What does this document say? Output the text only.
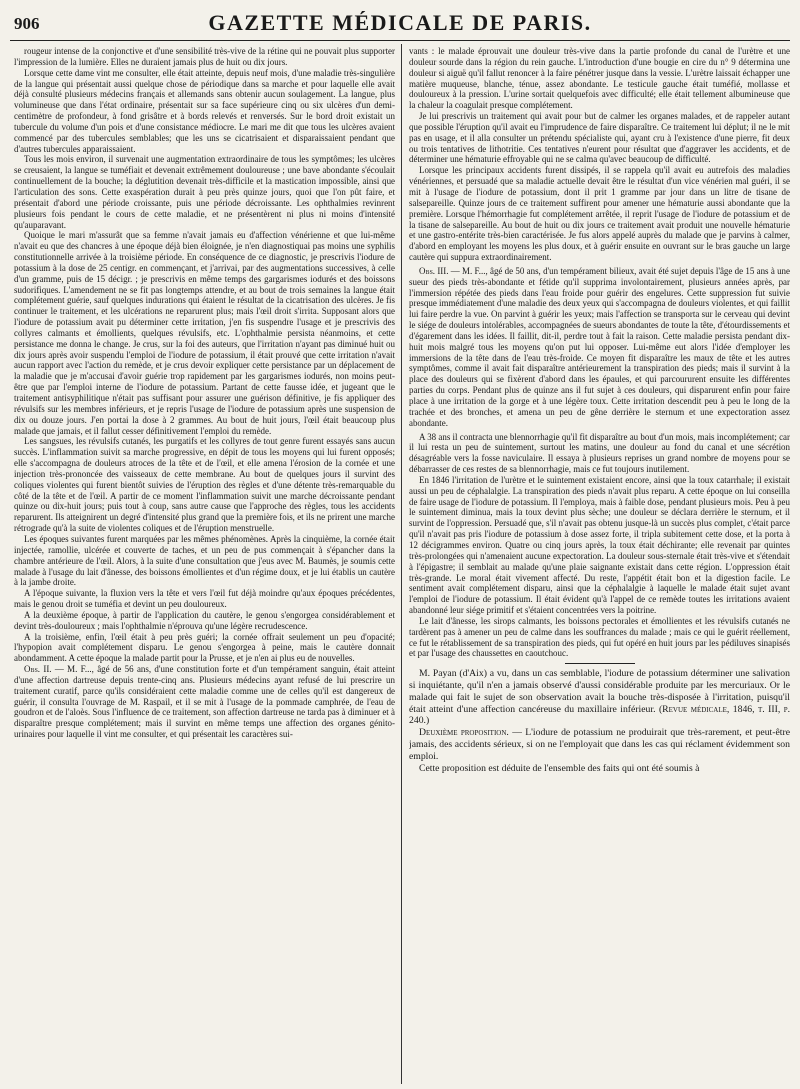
906	GAZETTE MÉDICALE DE PARIS.

rougeur intense de la conjonctive et d'une sensibilité très-vive de la rétine qui ne pouvait plus supporter l'impression de la lumière. Elles ne duraient jamais plus de huit ou dix jours.

Lorsque cette dame vint me consulter, elle était atteinte, depuis neuf mois, d'une maladie très-singulière de la langue qui présentait aussi quelque chose de périodique dans sa marche et pour laquelle elle avait déjà consulté plusieurs médecins français et allemands sans obtenir aucun soulagement. La langue, plus volumineuse que dans l'état ordinaire, présentait sur sa face supérieure cinq ou six ulcères d'un demi-centimètre de profondeur, à fond grisâtre et à bords relevés et renversés. Sur le bord droit existait un tubercule du volume d'un pois et d'une consistance médiocre. Le mari me dit que tous les ulcères avaient commencé par des tubercules semblables; que les uns se cicatrisaient et disparaissaient pendant que d'autres tubercules apparaissaient.

Tous les mois environ, il survenait une augmentation extraordinaire de tous les symptômes; les ulcères se creusaient, la langue se tuméfiait et devenait extrêmement douloureuse ; une bave abondante s'écoulait continuellement de la bouche; la déglutition devenait très-difficile et la mastication impossible, ainsi que l'articulation des sons. Cette exaspération durait à peu près quinze jours, quoi que l'on pût faire, et présentait d'abord une période croissante, puis une période décroissante. Les ophthalmies revinrent plusieurs fois pendant le cours de cette maladie, et ne présentèrent ni plus ni moins d'intensité qu'auparavant.

Quoique le mari m'assurât que sa femme n'avait jamais eu d'affection vénérienne et que lui-même n'avait eu que des chancres à une époque déjà bien éloignée, je n'en diagnostiquai pas moins une syphilis constitutionnelle arrivée à la troisième période. En conséquence de ce diagnostic, je prescrivis l'iodure de potassium à la dose de 25 centigr. en commençant, et j'arrivai, par des augmentations successives, à celle d'un gramme, puis de 15 décigr. ; je prescrivis en même temps des gargarismes iodurés et des boissons sudorifiques. L'amendement ne se fit pas longtemps attendre, et au bout de trois semaines la langue était complétement guérie, sauf quelques indurations qui étaient le résultat de la cicatrisation des ulcères. Je fis continuer le traitement, et les ulcérations ne reparurent plus; mais l'œil droit s'irrita. Supposant alors que l'iodure de potassium avait pu déterminer cette irritation, j'en fis suspendre l'usage et je prescrivis des collyres calmants et émollients, quelques révulsifs, etc. L'ophthalmie persista néanmoins, et cette persistance me donna le change. Je crus, sur la foi des auteurs, que l'irritation n'ayant pas diminué huit ou dix jours après avoir suspendu l'emploi de l'iodure de potassium, il était prouvé que cette irritation n'avait aucun rapport avec l'action du remède, et je crus devoir expliquer cette persistance par un déplacement de la maladie que je m'accusai d'avoir guérie trop rapidement par les gargarismes iodurés, non moins peut-être que par l'emploi interne de l'iodure de potassium. Partant de cette fausse idée, et jugeant que le traitement antisyphilitique n'était pas suffisant pour assurer une guérison définitive, je fis appliquer des révulsifs sur les membres inférieurs, et je repris l'usage de l'iodure de potassium après une suspension de dix ou douze jours. J'en portai la dose à 2 grammes. Au bout de huit jours, l'œil était beaucoup plus malade que jamais, et il fallut cesser définitivement l'emploi du remède.

Les sangsues, les révulsifs cutanés, les purgatifs et les collyres de tout genre furent essayés sans aucun succès. L'inflammation suivit sa marche progressive, en dépit de tous les moyens qui lui furent opposés; elle s'accompagna de douleurs atroces de la tête et de l'œil, et elle amena l'érosion de la cornée et une injection très-prononcée des vaisseaux de cette membrane. Au bout de quelques jours il survint des coliques violentes qui furent bientôt suivies de l'éruption des règles et d'une détente très-remarquable du côté de la tête et de l'œil. A partir de ce moment l'inflammation suivit une marche décroissante pendant quinze ou dix-huit jours; puis tout à coup, sans autre cause que l'approche des règles, tous les accidents reparurent. Ils atteignirent un degré d'intensité plus grand que la première fois, et ils ne prirent une marche rétrograde qu'à la suite de violentes coliques et de l'éruption menstruelle.

Les époques suivantes furent marquées par les mêmes phénomènes. Après la cinquième, la cornée était injectée, ramollie, ulcérée et couverte de taches, et un peu de pus commençait à s'épancher dans la chambre antérieure de l'œil. Alors, à la suite d'une consultation que j'eus avec M. Baumès, je soumis cette malade à l'usage du lait d'ânesse, des boissons émollientes et d'un régime doux, et je lui établis un cautère à la jambe droite.

A l'époque suivante, la fluxion vers la tête et vers l'œil fut déjà moindre qu'aux époques précédentes, mais le genou droit se tuméfia et devint un peu douloureux.

A la deuxième époque, à partir de l'application du cautère, le genou s'engorgea considérablement et devint très-douloureux ; mais l'ophthalmie n'éprouva qu'une légère recrudescence.

A la troisième, enfin, l'œil était à peu près guéri; la cornée offrait seulement un peu d'opacité; l'hypopion avait complétement disparu. Le genou s'engorgea à peine, mais le cautère donnait abondamment. A cette époque la malade partit pour la Prusse, et je n'en ai plus eu de nouvelles.

Obs. II. — M. F..., âgé de 56 ans, d'une constitution forte et d'un tempérament sanguin, était atteint d'une affection dartreuse depuis trente-cinq ans. Plusieurs médecins ayant refusé de lui prescrire un traitement curatif, parce qu'ils considéraient cette maladie comme une de celles qu'il est dangereux de guérir, il consulta l'ouvrage de M. Raspail, et il se mit à l'usage de la pommade camphrée, de l'eau de goudron et de l'aloès. Sous l'influence de ce traitement, son affection dartreuse ne tarda pas à diminuer et à disparaître presque complétement; mais il survint en même temps une affection des organes génito-urinaires pour laquelle il vint me consulter, et qui présentait les caractères sui-

vants : le malade éprouvait une douleur très-vive dans la partie profonde du canal de l'urètre et une douleur sourde dans la région du rein gauche. L'introduction d'une bougie en cire du n° 9 détermina une douleur si aiguë qu'il fallut renoncer à la faire pénétrer jusque dans la vessie. L'urètre laissait échapper une matière muqueuse, blanche, ténue, assez abondante. Le testicule gauche était tuméfié, mollasse et douloureux à la pression. L'urine sortait quelquefois avec difficulté; elle était tellement albumineuse que la chaleur la coagulait presque complétement.

Je lui prescrivis un traitement qui avait pour but de calmer les organes malades, et de rappeler autant que possible l'éruption qu'il avait eu l'imprudence de faire disparaître. Ce traitement lui déplut; il ne le mit pas en usage, et il alla consulter un prétendu spécialiste qui, ayant cru à l'existence d'une pierre, fit deux ou trois tentatives de lithotritie. Ces tentatives n'eurent pour résultat que d'aggraver les accidents, et de déterminer une hématurie effroyable qui ne se calma qu'avec beaucoup de difficulté.

Lorsque les principaux accidents furent dissipés, il se rappela qu'il avait eu autrefois des maladies vénériennes, et persuadé que sa maladie actuelle devait être le résultat d'un vice vénérien mal guéri, il se mit à l'usage de l'iodure de potassium, dont il prit 1 gramme par jour dans un litre de tisane de salsepareille. Quinze jours de ce traitement suffirent pour amener une hématurie aussi abondante que la première. Lorsque l'hémorrhagie fut complétement arrêtée, il reprit l'usage de l'iodure de potassium et de la tisane de salsepareille. Au bout de huit ou dix jours ce traitement avait produit une nouvelle hématurie et une gastro-entérite très-bien caractérisée. Je fus alors appelé auprès du malade que je parvins à calmer, d'abord en employant les moyens les plus doux, et à guérir ensuite en ouvrant sur le bras gauche un large cautère qui suppura extraordinairement.

Obs. III. — M. F..., âgé de 50 ans, d'un tempérament bilieux, avait été sujet depuis l'âge de 15 ans à une sueur des pieds très-abondante et fétide qu'il supprima involontairement, plusieurs années après, par l'immersion répétée des pieds dans l'eau froide pour guérir des engelures. Cette suppression fut suivie presque immédiatement d'une maladie des deux yeux qui s'accompagna de douleurs violentes, et qui faillit lui faire perdre la vue. On parvint à guérir les yeux; mais l'affection se transporta sur le cerveau qui devint le siége de douleurs intolérables, accompagnées de sueurs abondantes de toute la tête, d'étourdissements et d'égarement dans les idées. Il faillit, dit-il, perdre tout à fait la raison. Cette maladie persista pendant dix-huit mois malgré tous les moyens qu'on put lui opposer. Lui-même eut alors l'idée d'employer les immersions de la tête dans de l'eau très-froide. Ce moyen fit disparaître les maux de tête et les autres symptômes, comme il avait fait disparaître antérieurement la transpiration des pieds; mais il survint à la place des douleurs qui se fixèrent d'abord dans les épaules, et qui parcoururent ensuite les différentes parties du corps. Pendant plus de quinze ans il fut sujet à ces douleurs, qui disparurent enfin pour faire place à une irritation de la gorge et à une légère toux. Cette irritation descendit peu à peu le long de la trachée et des bronches, et amena un peu de gêne derrière le sternum et une expectoration assez abondante.

A 38 ans il contracta une blennorrhagie qu'il fit disparaître au bout d'un mois, mais incomplétement; car il lui resta un peu de suintement, surtout les matins, une douleur au fond du canal et une sécrétion désagréable vers la fosse naviculaire. Il essaya à plusieurs reprises un grand nombre de moyens pour se débarrasser de ces restes de sa blennorrhagie, mais ce fut toujours inutilement.

En 1846 l'irritation de l'urètre et le suintement existaient encore, ainsi que la toux catarrhale; il existait aussi un peu de céphalalgie. La transpiration des pieds n'avait plus reparu. A cette époque on lui conseilla de faire usage de l'iodure de potassium. Il l'employa, mais à faible dose, pendant plusieurs mois. Peu à peu le suintement diminua, mais la toux devint plus sèche; une douleur se déclara derrière le sternum, et il survint de l'oppression. Persuadé que, s'il n'avait pas obtenu jusque-là un succès plus complet, c'était parce qu'il n'avait pas pris l'iodure de potassium à dose assez forte, il tripla subitement cette dose, et la porta à 12 décigrammes environ. Quatre ou cinq jours après, la toux était déchirante; elle revenait par quintes très-prolongées qui n'amenaient aucune expectoration. La douleur sous-sternale était très-vive et s'étendait à l'épigastre; il semblait au malade qu'une plaie saignante existait dans cette région. L'oppression était très-grande. Le moral était vivement affecté. Du reste, l'appétit était bon et la digestion facile. Le sentiment avait complétement disparu, ainsi que la céphalalgie à laquelle le malade était sujet avant l'emploi de l'iodure de potassium. Il était évident qu'à l'appel de ce remède toutes les irritations avaient abandonné leur siége primitif et s'étaient concentrées vers la poitrine.

Le lait d'ânesse, les sirops calmants, les boissons pectorales et émollientes et les révulsifs cutanés ne tardèrent pas à amener un peu de calme dans les souffrances du malade ; mais ce qui le guérit réellement, ce fut le rétablissement de sa transpiration des pieds, qui fut opéré en huit jours par les pédiluves sinapisés et par l'usage des chaussettes en caoutchouc.

M. Payan (d'Aix) a vu, dans un cas semblable, l'iodure de potassium déterminer une salivation si inquiétante, qu'il n'en a jamais observé d'aussi considérable produite par les mercuriaux. Or le malade qui fait le sujet de son observation avait la bouche très-disposée à l'irritation, puisqu'il était atteint d'une affection cancéreuse du maxillaire inférieur. (Revue médicale, 1846, t. III, p. 240.)

Deuxième proposition. — L'iodure de potassium ne produirait que très-rarement, et peut-être jamais, des accidents sérieux, si on ne l'employait que dans les cas qui réclament évidemment son emploi.

Cette proposition est déduite de l'ensemble des faits qui ont été soumis à
